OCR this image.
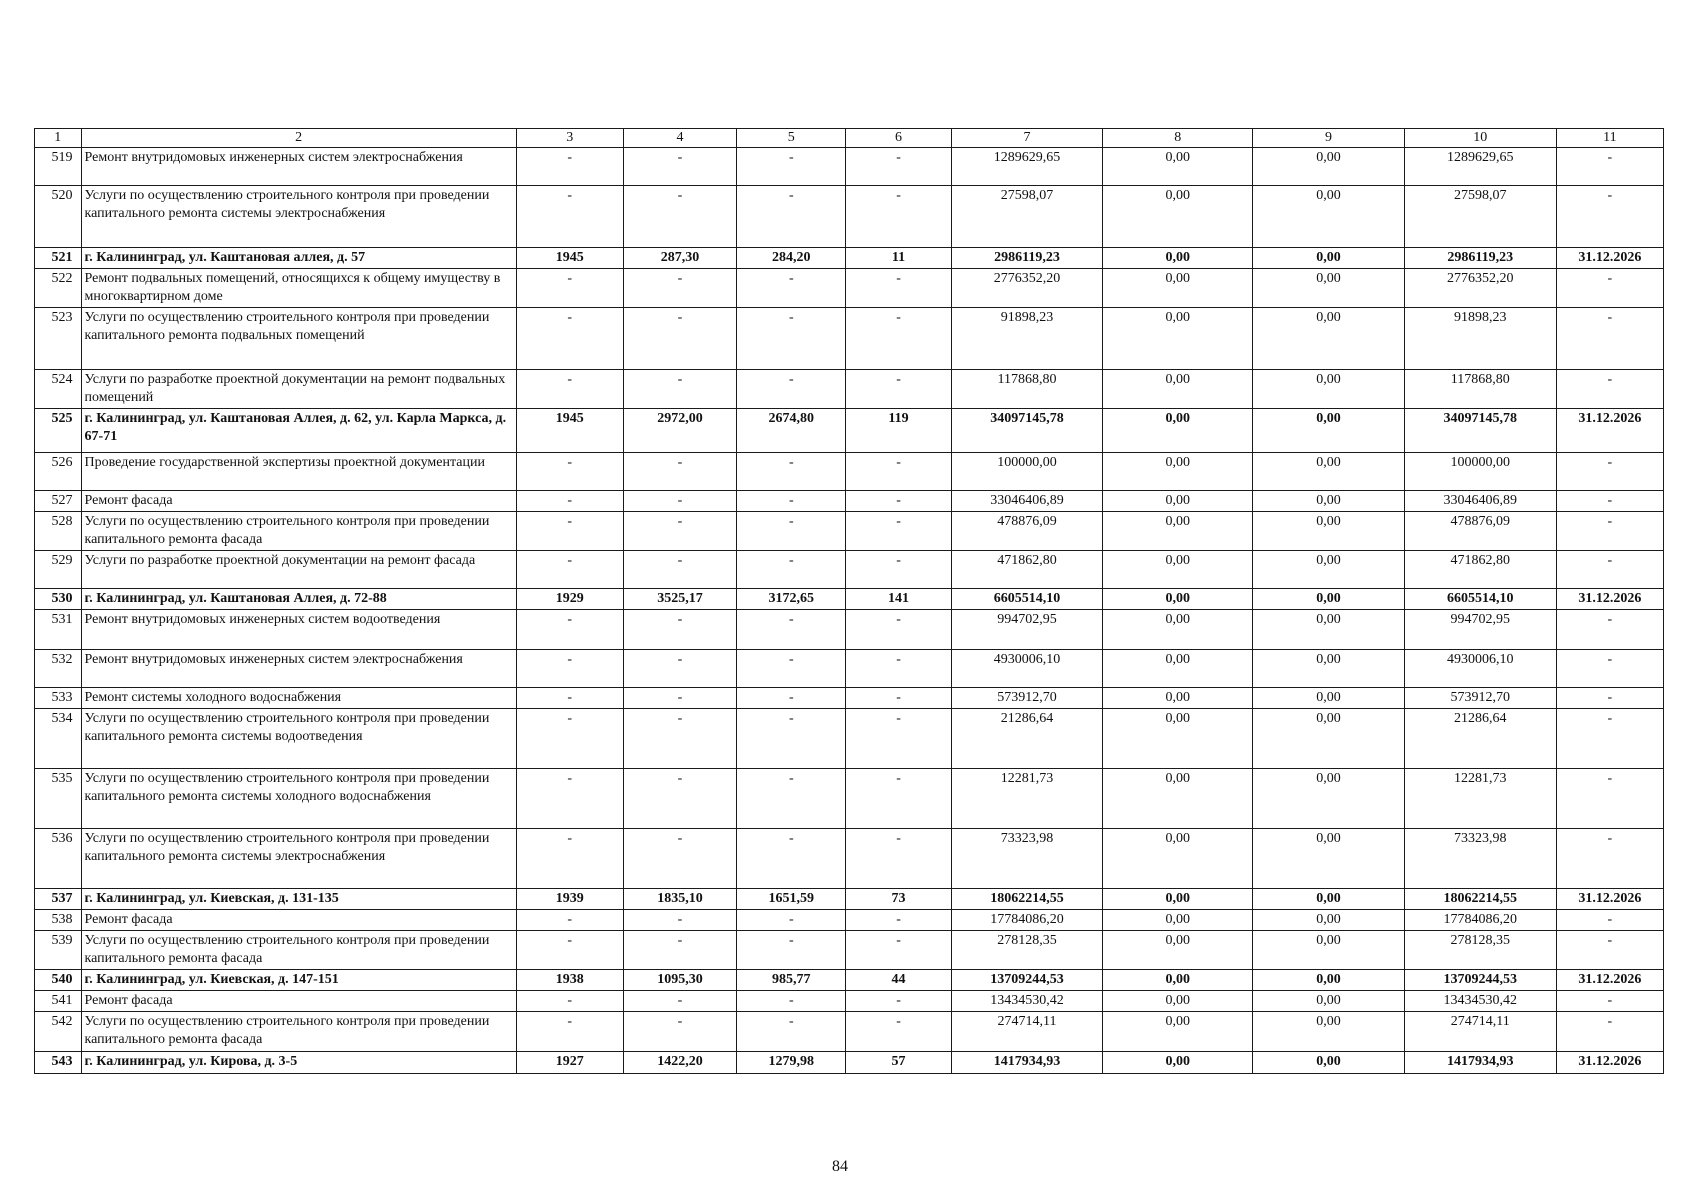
1	2	3	4	5	6	7	8	9	10	11
519	Ремонт внутридомовых инженерных систем электроснабжения	-	-	-	-	1289629,65	0,00	0,00	1289629,65	-
520	Услуги по осуществлению строительного контроля при проведении капитального ремонта системы электроснабжения	-	-	-	-	27598,07	0,00	0,00	27598,07	-
521	г. Калининград, ул. Каштановая аллея, д. 57	1945	287,30	284,20	11	2986119,23	0,00	0,00	2986119,23	31.12.2026
522	Ремонт подвальных помещений, относящихся к общему имуществу в многоквартирном доме	-	-	-	-	2776352,20	0,00	0,00	2776352,20	-
523	Услуги по осуществлению строительного контроля при проведении капитального ремонта подвальных помещений	-	-	-	-	91898,23	0,00	0,00	91898,23	-
524	Услуги по разработке проектной документации на ремонт подвальных помещений	-	-	-	-	117868,80	0,00	0,00	117868,80	-
525	г. Калининград, ул. Каштановая Аллея, д. 62, ул. Карла Маркса, д. 67-71	1945	2972,00	2674,80	119	34097145,78	0,00	0,00	34097145,78	31.12.2026
526	Проведение государственной экспертизы проектной документации	-	-	-	-	100000,00	0,00	0,00	100000,00	-
527	Ремонт фасада	-	-	-	-	33046406,89	0,00	0,00	33046406,89	-
528	Услуги по осуществлению строительного контроля при проведении капитального ремонта фасада	-	-	-	-	478876,09	0,00	0,00	478876,09	-
529	Услуги по разработке проектной документации на ремонт фасада	-	-	-	-	471862,80	0,00	0,00	471862,80	-
530	г. Калининград, ул. Каштановая Аллея, д. 72-88	1929	3525,17	3172,65	141	6605514,10	0,00	0,00	6605514,10	31.12.2026
531	Ремонт внутридомовых инженерных систем водоотведения	-	-	-	-	994702,95	0,00	0,00	994702,95	-
532	Ремонт внутридомовых инженерных систем электроснабжения	-	-	-	-	4930006,10	0,00	0,00	4930006,10	-
533	Ремонт системы холодного водоснабжения	-	-	-	-	573912,70	0,00	0,00	573912,70	-
534	Услуги по осуществлению строительного контроля при проведении капитального ремонта системы водоотведения	-	-	-	-	21286,64	0,00	0,00	21286,64	-
535	Услуги по осуществлению строительного контроля при проведении капитального ремонта системы холодного водоснабжения	-	-	-	-	12281,73	0,00	0,00	12281,73	-
536	Услуги по осуществлению строительного контроля при проведении капитального ремонта системы электроснабжения	-	-	-	-	73323,98	0,00	0,00	73323,98	-
537	г. Калининград, ул. Киевская, д. 131-135	1939	1835,10	1651,59	73	18062214,55	0,00	0,00	18062214,55	31.12.2026
538	Ремонт фасада	-	-	-	-	17784086,20	0,00	0,00	17784086,20	-
539	Услуги по осуществлению строительного контроля при проведении капитального ремонта фасада	-	-	-	-	278128,35	0,00	0,00	278128,35	-
540	г. Калининград, ул. Киевская, д. 147-151	1938	1095,30	985,77	44	13709244,53	0,00	0,00	13709244,53	31.12.2026
541	Ремонт фасада	-	-	-	-	13434530,42	0,00	0,00	13434530,42	-
542	Услуги по осуществлению строительного контроля при проведении капитального ремонта фасада	-	-	-	-	274714,11	0,00	0,00	274714,11	-
543	г. Калининград, ул. Кирова, д. 3-5	1927	1422,20	1279,98	57	1417934,93	0,00	0,00	1417934,93	31.12.2026
84
